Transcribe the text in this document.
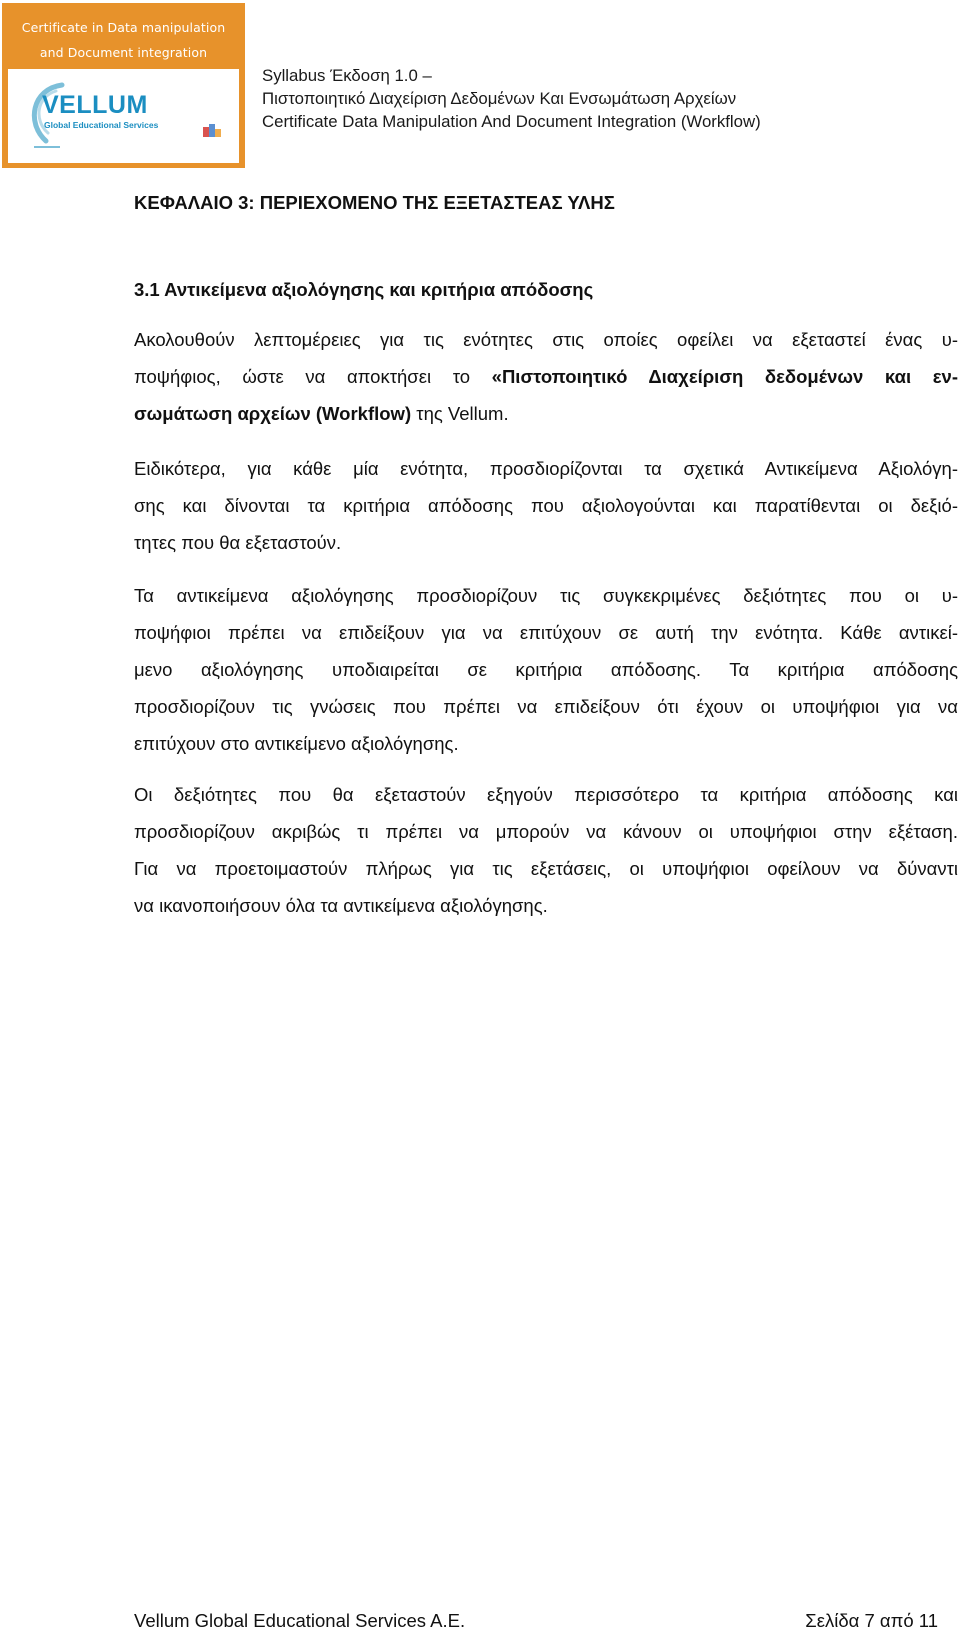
Certificate in Data manipulation
and Document integration
VELLUM
Global Educational Services
Syllabus Έκδοση 1.0 –
Πιστοποιητικό Διαχείριση Δεδομένων Και Ενσωμάτωση Αρχείων
Certificate Data Manipulation And Document Integration (Workflow)
ΚΕΦΑΛΑΙΟ 3: ΠΕΡΙΕΧΟΜΕΝΟ ΤΗΣ ΕΞΕΤΑΣΤΕΑΣ ΥΛΗΣ
3.1 Αντικείμενα αξιολόγησης και κριτήρια απόδοσης
Ακολουθούν λεπτομέρειες για τις ενότητες στις οποίες οφείλει να εξεταστεί ένας υ-
ποψήφιος, ώστε να αποκτήσει το «Πιστοποιητικό Διαχείριση δεδομένων και εν-
σωμάτωση αρχείων (Workflow) της Vellum.
Ειδικότερα, για κάθε μία ενότητα, προσδιορίζονται τα σχετικά Αντικείμενα Αξιολόγη-
σης και δίνονται τα κριτήρια απόδοσης που αξιολογούνται και παρατίθενται οι δεξιό-
τητες που θα εξεταστούν.
Τα αντικείμενα αξιολόγησης προσδιορίζουν τις συγκεκριμένες δεξιότητες που οι υ-
ποψήφιοι πρέπει να επιδείξουν για να επιτύχουν σε αυτή την ενότητα. Κάθε αντικεί-
μενο αξιολόγησης υποδιαιρείται σε κριτήρια απόδοσης. Τα κριτήρια απόδοσης
προσδιορίζουν τις γνώσεις που πρέπει να επιδείξουν ότι έχουν οι υποψήφιοι για να
επιτύχουν στο αντικείμενο αξιολόγησης.
Οι δεξιότητες που θα εξεταστούν εξηγούν περισσότερο τα κριτήρια απόδοσης και
προσδιορίζουν ακριβώς τι πρέπει να μπορούν να κάνουν οι υποψήφιοι στην εξέταση.
Για να προετοιμαστούν πλήρως για τις εξετάσεις, οι υποψήφιοι οφείλουν να δύναντι
να ικανοποιήσουν όλα τα αντικείμενα αξιολόγησης.
Vellum Global Educational Services A.E.	Σελίδα 7 από 11
